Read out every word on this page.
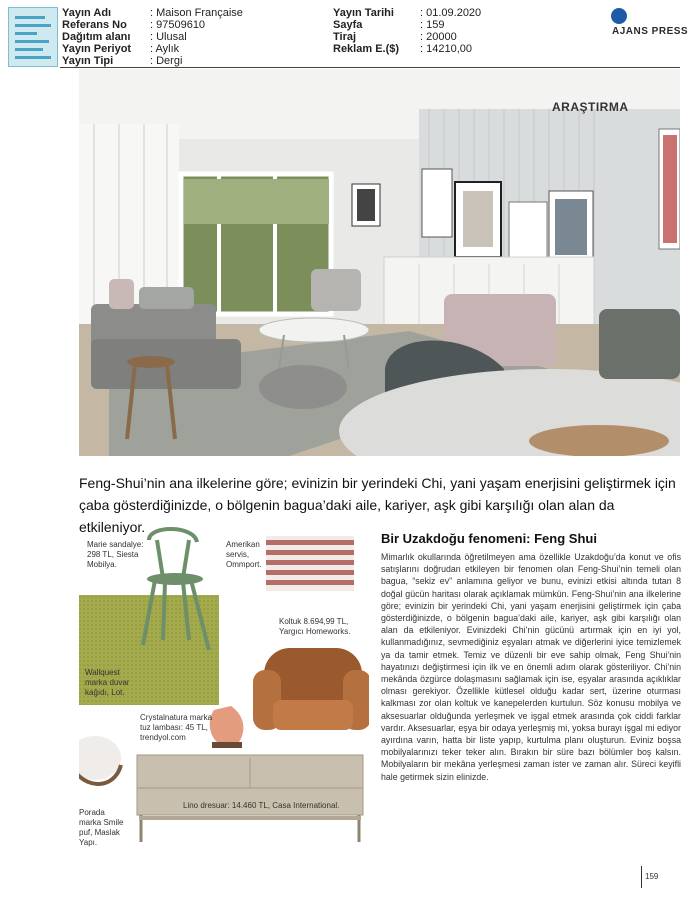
Yayın Adı	: Maison Française
Referans No : 97509610
Dağıtım alanı : Ulusal
Yayın Periyot : Aylık
Yayın Tipi	: Dergi
Yayın Tarihi : 01.09.2020
Sayfa	: 159
Tiraj	: 20000
Reklam E.($) : 14210,00
AJANS PRESS
ARAŞTIRMA
Feng-Shui’nin ana ilkelerine göre; evinizin bir yerindeki Chi, yani yaşam enerjisini geliştirmek için çaba gösterdiğinizde, o bölgenin bagua’daki aile, kariyer, aşk gibi karşılığı olan alan da etkileniyor.
Marie sandalye: 298 TL, Siesta Mobilya.
Amerikan servis, Ommport.
Koltuk 8.694,99 TL, Yargıcı Homeworks.
Wallquest marka duvar kağıdı, Lot.
Crystalnatura marka tuz lambası: 45 TL, trendyol.com
Porada marka Smile puf, Maslak Yapı.
Lino dresuar: 14.460 TL, Casa International.
Bir Uzakdoğu fenomeni: Feng Shui
Mimarlık okullarında öğretilmeyen ama özellikle Uzakdoğu’da konut ve ofis satışlarını doğrudan etkileyen bir fenomen olan Feng-Shui’nin temeli olan bagua, “sekiz ev” anlamına geliyor ve bunu, evinizi etkisi altında tutan 8 doğal gücün haritası olarak açıklamak mümkün. Feng-Shui’nin ana ilkelerine göre; evinizin bir yerindeki Chi, yani yaşam enerjisini geliştirmek için çaba gösterdiğinizde, o bölgenin bagua’daki aile, kariyer, aşk gibi karşılığı olan alan da etkileniyor. Evinizdeki Chi’nin gücünü artırmak için en iyi yol, kullanmadığınız, sevmediğiniz eşyaları atmak ve diğerlerini iyice temizlemek ya da tamir etmek. Temiz ve düzenli bir eve sahip olmak, Feng Shui’nin hayatınızı değiştirmesi için ilk ve en önemli adım olarak gösteriliyor. Chi’nin mekânda özgürce dolaşmasını sağlamak için ise, eşyalar arasında açıklıklar olması gerekiyor. Özellikle kütlesel olduğu kadar sert, üzerine oturması kalkması zor olan koltuk ve kanepelerden kurtulun. Söz konusu mobilya ve aksesuarlar olduğunda yerleşmek ve işgal etmek arasında çok ciddi farklar vardır. Aksesuarlar, eşya bir odaya yerleşmiş mi, yoksa burayı işgal mi ediyor ayırdına varın, hatta bir liste yapıp, kurtulma planı oluşturun. Eviniz boşsa mobilyalarınızı teker teker alın. Bırakın bir süre bazı bölümler boş kalsın. Mobilyaların bir mekâna yerleşmesi zaman ister ve zaman alır. Süreci keyifli hale getirmek sizin elinizde.
159
